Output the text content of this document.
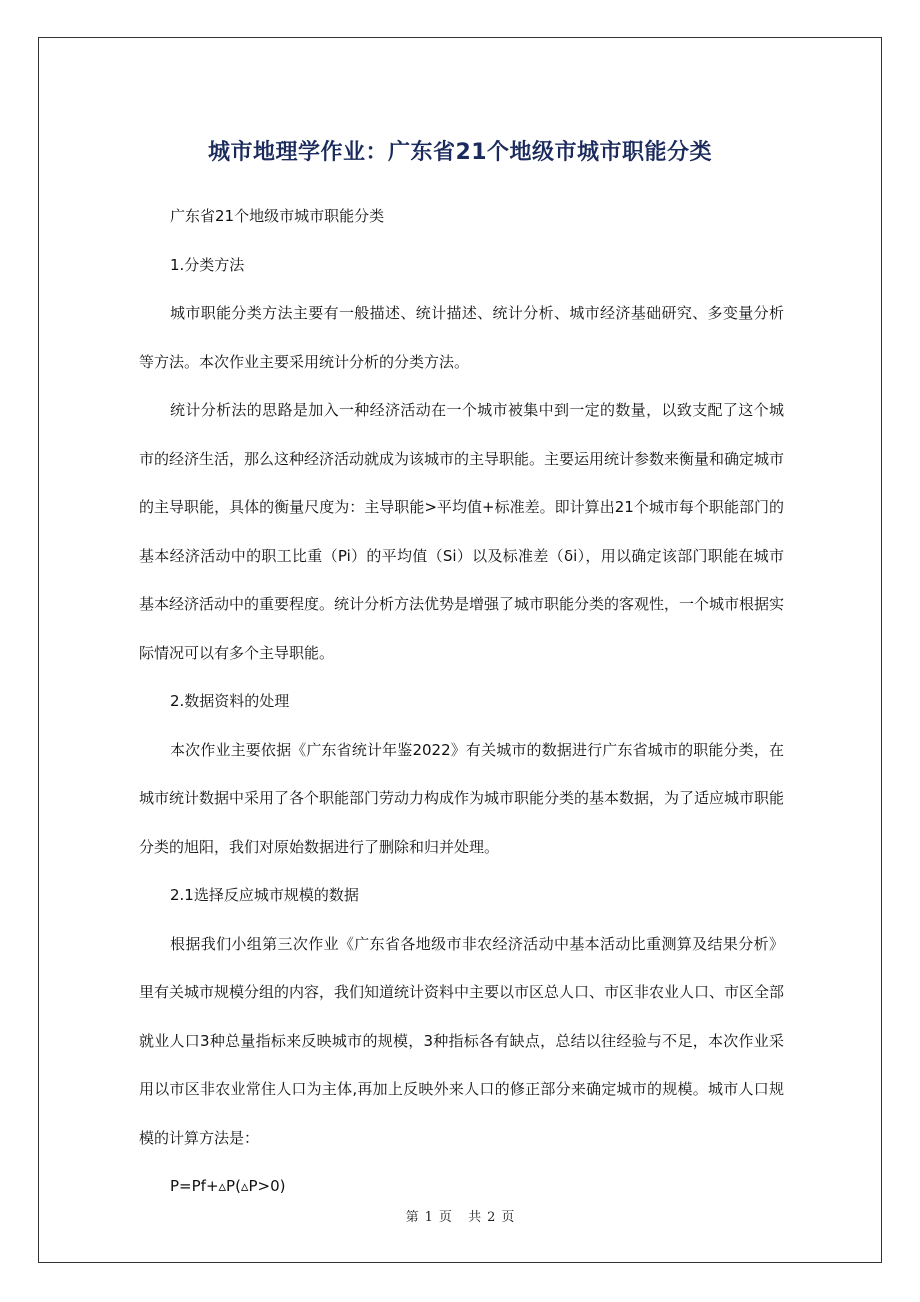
城市地理学作业：广东省21个地级市城市职能分类

广东省21个地级市城市职能分类

1.分类方法

城市职能分类方法主要有一般描述、统计描述、统计分析、城市经济基础研究、多变量分析等方法。本次作业主要采用统计分析的分类方法。

统计分析法的思路是加入一种经济活动在一个城市被集中到一定的数量，以致支配了这个城市的经济生活，那么这种经济活动就成为该城市的主导职能。主要运用统计参数来衡量和确定城市的主导职能，具体的衡量尺度为：主导职能>平均值+标准差。即计算出21个城市每个职能部门的基本经济活动中的职工比重（Pi）的平均值（Si）以及标准差（δi），用以确定该部门职能在城市基本经济活动中的重要程度。统计分析方法优势是增强了城市职能分类的客观性，一个城市根据实际情况可以有多个主导职能。

2.数据资料的处理

本次作业主要依据《广东省统计年鉴2022》有关城市的数据进行广东省城市的职能分类，在城市统计数据中采用了各个职能部门劳动力构成作为城市职能分类的基本数据，为了适应城市职能分类的旭阳，我们对原始数据进行了删除和归并处理。

2.1选择反应城市规模的数据

根据我们小组第三次作业《广东省各地级市非农经济活动中基本活动比重测算及结果分析》里有关城市规模分组的内容，我们知道统计资料中主要以市区总人口、市区非农业人口、市区全部就业人口3种总量指标来反映城市的规模，3种指标各有缺点，总结以往经验与不足，本次作业采用以市区非农业常住人口为主体,再加上反映外来人口的修正部分来确定城市的规模。城市人口规模的计算方法是：

P=Pf+▵P(▵P>0)

第 1 页 共 2 页
